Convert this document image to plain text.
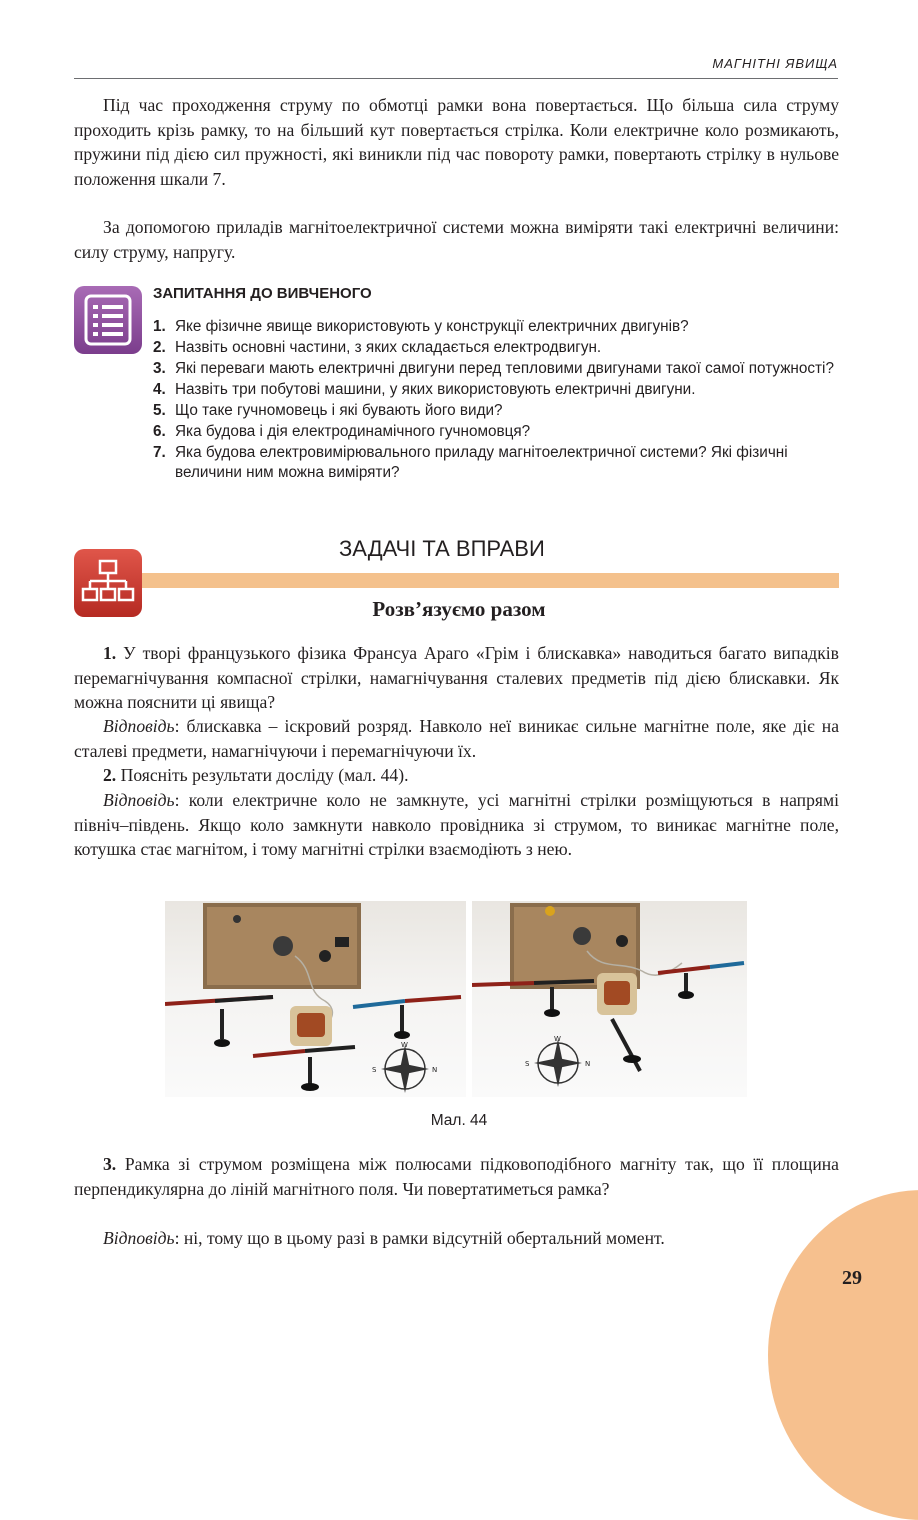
МАГНІТНІ ЯВИЩА

Під час проходження струму по обмотці рамки вона повертається. Що більша сила струму проходить крізь рамку, то на більший кут повертається стрілка. Коли електричне коло розмикають, пружини під дією сил пружності, які виникли під час повороту рамки, повертають стрілку в нульове положення шкали 7.

За допомогою приладів магнітоелектричної системи можна виміряти такі електричні величини: силу струму, напругу.

ЗАПИТАННЯ ДО ВИВЧЕНОГО
1. Яке фізичне явище використовують у конструкції електричних двигунів?
2. Назвіть основні частини, з яких складається електродвигун.
3. Які переваги мають електричні двигуни перед тепловими двигунами такої самої потужності?
4. Назвіть три побутові машини, у яких використовують електричні двигуни.
5. Що таке гучномовець і які бувають його види?
6. Яка будова і дія електродинамічного гучномовця?
7. Яка будова електровимірювального приладу магнітоелектричної системи? Які фізичні величини ним можна виміряти?
ЗАДАЧІ ТА ВПРАВИ
Розв’язуємо разом

1. У творі французького фізика Франсуа Араго «Грім і блискавка» наводиться багато випадків перемагнічування компасної стрілки, намагнічування сталевих предметів під дією блискавки. Як можна пояснити ці явища?

Відповідь: блискавка – іскровий розряд. Навколо неї виникає сильне магнітне поле, яке діє на сталеві предмети, намагнічуючи і перемагнічуючи їх.

2. Поясніть результати досліду (мал. 44).

Відповідь: коли електричне коло не замкнуте, усі магнітні стрілки розміщуються в напрямі північ–південь. Якщо коло замкнути навколо провідника зі струмом, то виникає магнітне поле, котушка стає магнітом, і тому магнітні стрілки взаємодіють з нею.

W
S	N
W
S	N
Мал. 44

3. Рамка зі струмом розміщена між полюсами підковоподібного магніту так, що її площина перпендикулярна до ліній магнітного поля. Чи повертатиметься рамка?

Відповідь: ні, тому що в цьому разі в рамки відсутній обертальний момент.

29
